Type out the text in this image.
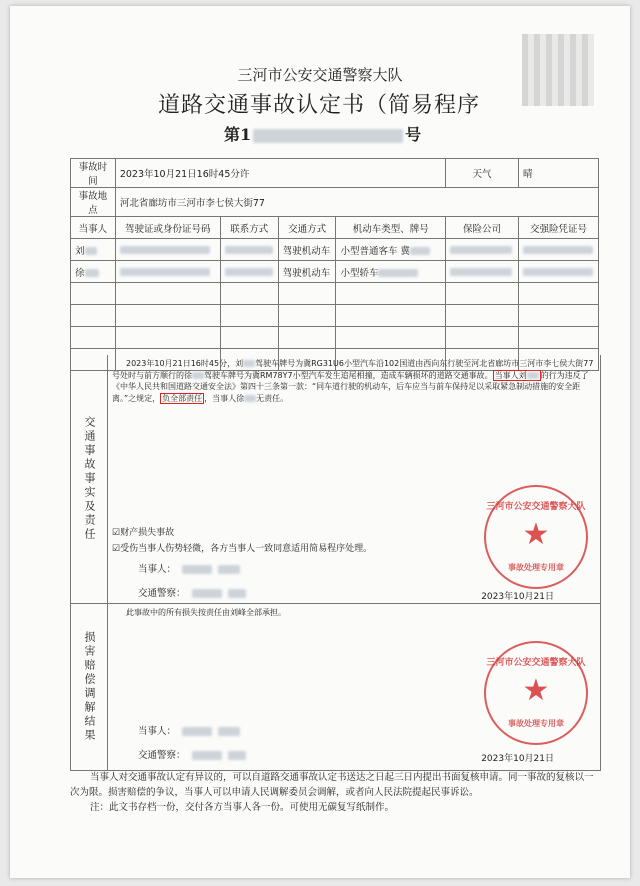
三河市公安交通警察大队
道路交通事故认定书（简易程序
第1	号
事故时间	2023年10月21日16时45分许				天气	晴
事故地点	河北省廊坊市三河市李七侯大街77					
当事人	驾驶证或身份证号码	联系方式	交通方式	机动车类型、牌号	保险公司	交强险凭证号
刘			驾驶机动车	小型普通客车 冀		
徐			驾驶机动车	小型轿车		

交通事故事实及责任
2023年10月21日16时45分，刘 驾驶车牌号为冀RG31U6小型汽车沿102国道由西向东行驶至河北省廊坊市三河市李七侯大街77号处时与前方顺行的徐 驾驶车牌号为冀RM78Y7小型汽车发生追尾相撞，造成车辆损坏的道路交通事故。 当事人刘 的行为违反了《中华人民共和国道路交通安全法》第四十三条第一款：“同车道行驶的机动车，后车应当与前车保持足以采取紧急制动措施的安全距离。”之规定， 负全部责任 ，当事人徐 无责任。
☑财产损失事故
☑受伤当事人伤势轻微，各方当事人一致同意适用简易程序处理。
当事人：
交通警察：	2023年10月21日
三河市公安交通警察大队
★
事故处理专用章
损害赔偿调解结果
此事故中的所有损失按责任由刘峰全部承担。
当事人：
交通警察：	2023年10月21日
三河市公安交通警察大队
★
事故处理专用章
当事人对交通事故认定有异议的，可以自道路交通事故认定书送达之日起三日内提出书面复核申请。同一事故的复核以一次为限。损害赔偿的争议，当事人可以申请人民调解委员会调解，或者向人民法院提起民事诉讼。
注：此文书存档一份，交付各方当事人各一份。可使用无碳复写纸制作。
